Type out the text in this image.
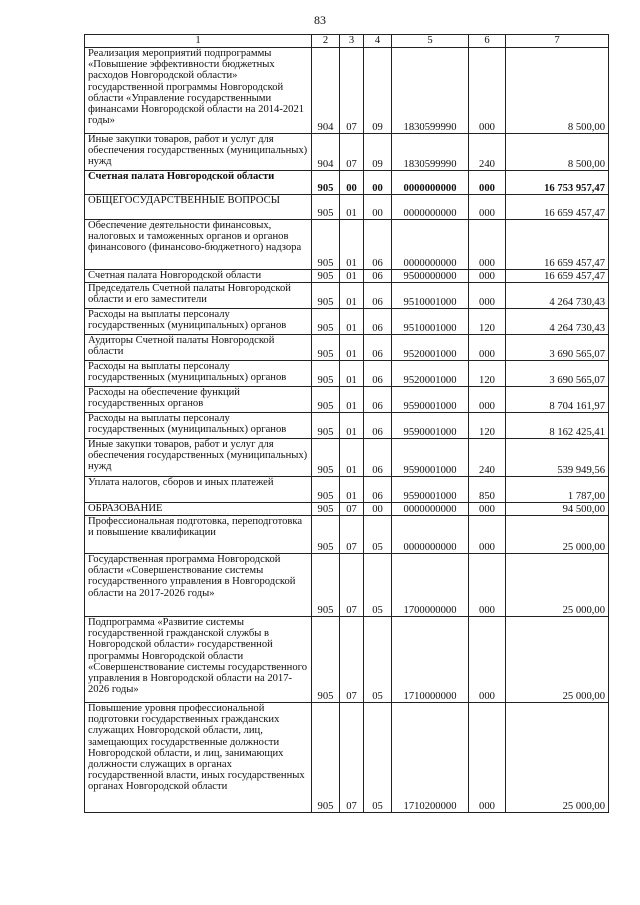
83
1	2	3	4	5	6	7
Реализация мероприятий подпрограммы «Повышение эффективности бюджетных расходов Новгородской области» государственной программы Новгородской области «Управление государственными финансами Новгородской области на 2014-2021 годы»	904	07	09	1830599990	000	8 500,00
Иные закупки товаров, работ и услуг для обеспечения государственных (муниципальных) нужд	904	07	09	1830599990	240	8 500,00
Счетная палата Новгородской области	905	00	00	0000000000	000	16 753 957,47
ОБЩЕГОСУДАРСТВЕННЫЕ ВОПРОСЫ	905	01	00	0000000000	000	16 659 457,47
Обеспечение деятельности финансовых, налоговых и таможенных органов и органов финансового (финансово-бюджетного) надзора	905	01	06	0000000000	000	16 659 457,47
Счетная палата Новгородской области	905	01	06	9500000000	000	16 659 457,47
Председатель Счетной палаты Новгородской области и его заместители	905	01	06	9510001000	000	4 264 730,43
Расходы на выплаты персоналу государственных (муниципальных) органов	905	01	06	9510001000	120	4 264 730,43
Аудиторы Счетной палаты Новгородской области	905	01	06	9520001000	000	3 690 565,07
Расходы на выплаты персоналу государственных (муниципальных) органов	905	01	06	9520001000	120	3 690 565,07
Расходы на обеспечение функций государственных органов	905	01	06	9590001000	000	8 704 161,97
Расходы на выплаты персоналу государственных (муниципальных) органов	905	01	06	9590001000	120	8 162 425,41
Иные закупки товаров, работ и услуг для обеспечения государственных (муниципальных) нужд	905	01	06	9590001000	240	539 949,56
Уплата налогов, сборов и иных платежей	905	01	06	9590001000	850	1 787,00
ОБРАЗОВАНИЕ	905	07	00	0000000000	000	94 500,00
Профессиональная подготовка, переподготовка и повышение квалификации	905	07	05	0000000000	000	25 000,00
Государственная программа Новгородской области «Совершенствование системы государственного управления в Новгородской области на 2017-2026 годы»	905	07	05	1700000000	000	25 000,00
Подпрограмма «Развитие системы государственной гражданской службы в Новгородской области» государственной программы Новгородской области «Совершенствование системы государственного управления в Новгородской области на 2017-2026 годы»	905	07	05	1710000000	000	25 000,00
Повышение уровня профессиональной подготовки государственных гражданских служащих Новгородской области, лиц, замещающих государственные должности Новгородской области, и лиц, занимающих должности служащих в органах государственной власти, иных государственных органах Новгородской области	905	07	05	1710200000	000	25 000,00
